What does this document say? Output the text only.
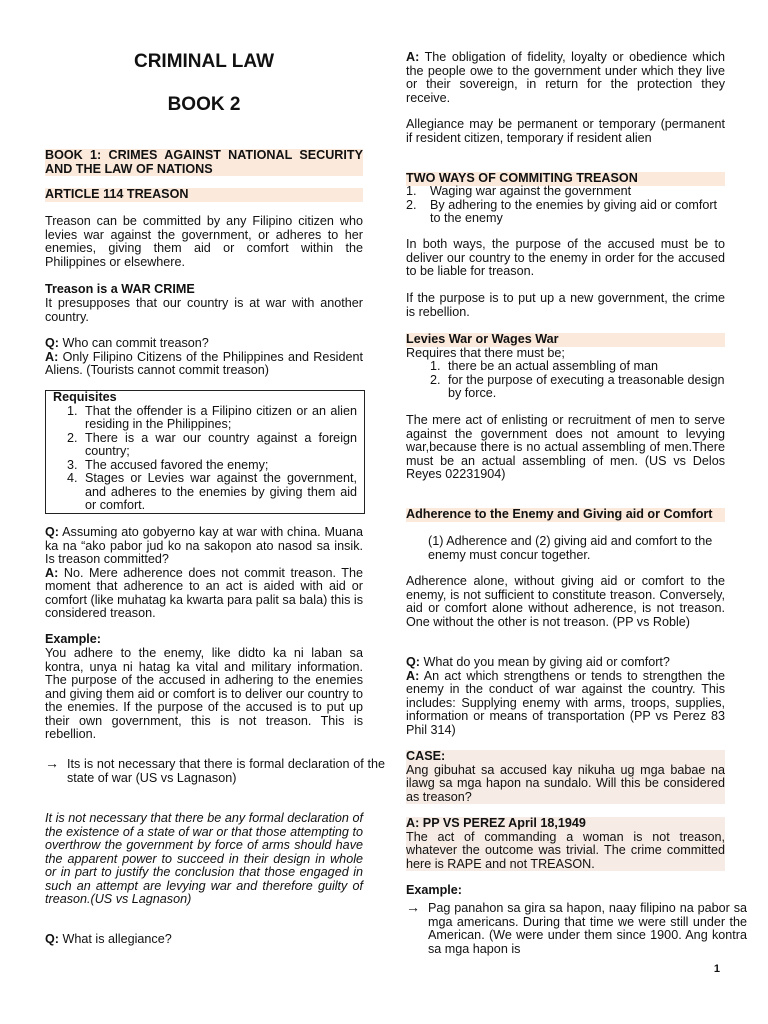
CRIMINAL LAW
BOOK 2
BOOK 1: CRIMES AGAINST NATIONAL SECURITY AND THE LAW OF NATIONS
ARTICLE 114 TREASON

Treason can be committed by any Filipino citizen who levies war against the government, or adheres to her enemies, giving them aid or comfort within the Philippines or elsewhere.

Treason is a WAR CRIME

It presupposes that our country is at war with another country.

Q: Who can commit treason?

A: Only Filipino Citizens of the Philippines and Resident Aliens. (Tourists cannot commit treason)

Requisites

1. That the offender is a Filipino citizen or an alien residing in the Philippines;
2. There is a war our country against a foreign country;
3. The accused favored the enemy;
4. Stages or Levies war against the government, and adheres to the enemies by giving them aid or comfort.

Q: Assuming ato gobyerno kay at war with china. Muana ka na “ako pabor jud ko na sakopon ato nasod sa insik. Is treason committed?

A: No. Mere adherence does not commit treason. The moment that adherence to an act is aided with aid or comfort (like muhatag ka kwarta para palit sa bala) this is considered treason.

Example:

You adhere to the enemy, like didto ka ni laban sa kontra, unya ni hatag ka vital and military information. The purpose of the accused in adhering to the enemies and giving them aid or comfort is to deliver our country to the enemies. If the purpose of the accused is to put up their own government, this is not treason. This is rebellion.

→ Its is not necessary that there is formal declaration of the state of war (US vs Lagnason)

It is not necessary that there be any formal declaration of the existence of a state of war or that those attempting to overthrow the government by force of arms should have the apparent power to succeed in their design in whole or in part to justify the conclusion that those engaged in such an attempt are levying war and therefore guilty of treason.(US vs Lagnason)

Q: What is allegiance?

A: The obligation of fidelity, loyalty or obedience which the people owe to the government under which they live or their sovereign, in return for the protection they receive.

Allegiance may be permanent or temporary (permanent if resident citizen, temporary if resident alien

TWO WAYS OF COMMITING TREASON
1. Waging war against the government
2. By adhering to the enemies by giving aid or comfort to the enemy

In both ways, the purpose of the accused must be to deliver our country to the enemy in order for the accused to be liable for treason.

If the purpose is to put up a new government, the crime is rebellion.

Levies War or Wages War

Requires that there must be;

1. there be an actual assembling of man
2. for the purpose of executing a treasonable design by force.

The mere act of enlisting or recruitment of men to serve against the government does not amount to levying war,because there is no actual assembling of men.There must be an actual assembling of men. (US vs Delos Reyes 02231904)

Adherence to the Enemy and Giving aid or Comfort

(1) Adherence and (2) giving aid and comfort to the enemy must concur together.

Adherence alone, without giving aid or comfort to the enemy, is not sufficient to constitute treason. Conversely, aid or comfort alone without adherence, is not treason. One without the other is not treason. (PP vs Roble)

Q: What do you mean by giving aid or comfort?

A: An act which strengthens or tends to strengthen the enemy in the conduct of war against the country. This includes: Supplying enemy with arms, troops, supplies, information or means of transportation (PP vs Perez 83 Phil 314)

CASE:

Ang gibuhat sa accused kay nikuha ug mga babae na ilawg sa mga hapon na sundalo. Will this be considered as treason?

A: PP VS PEREZ April 18,1949

The act of commanding a woman is not treason, whatever the outcome was trivial. The crime committed here is RAPE and not TREASON.

Example:

→ Pag panahon sa gira sa hapon, naay filipino na pabor sa mga americans. During that time we were still under the American. (We were under them since 1900. Ang kontra sa mga hapon is
1
